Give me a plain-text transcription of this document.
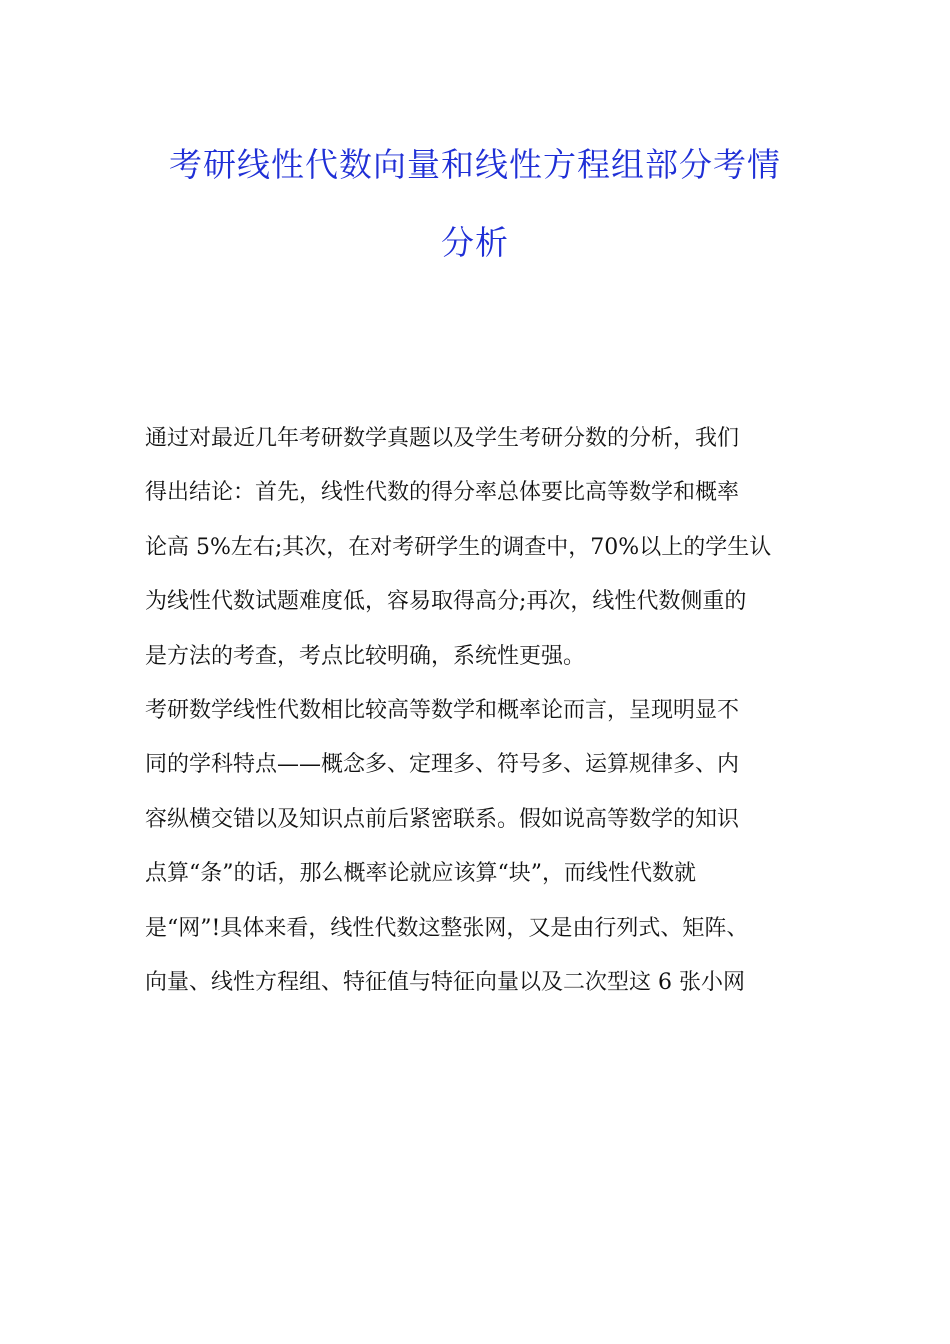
考研线性代数向量和线性方程组部分考情
分析

通过对最近几年考研数学真题以及学生考研分数的分析，我们
得出结论：首先，线性代数的得分率总体要比高等数学和概率
论高 5%左右;其次，在对考研学生的调查中，70%以上的学生认
为线性代数试题难度低，容易取得高分;再次，线性代数侧重的
是方法的考查，考点比较明确，系统性更强。

考研数学线性代数相比较高等数学和概率论而言，呈现明显不
同的学科特点——概念多、定理多、符号多、运算规律多、内
容纵横交错以及知识点前后紧密联系。假如说高等数学的知识
点算“条”的话，那么概率论就应该算“块”，而线性代数就
是“网”!具体来看，线性代数这整张网，又是由行列式、矩阵、
向量、线性方程组、特征值与特征向量以及二次型这 6 张小网
